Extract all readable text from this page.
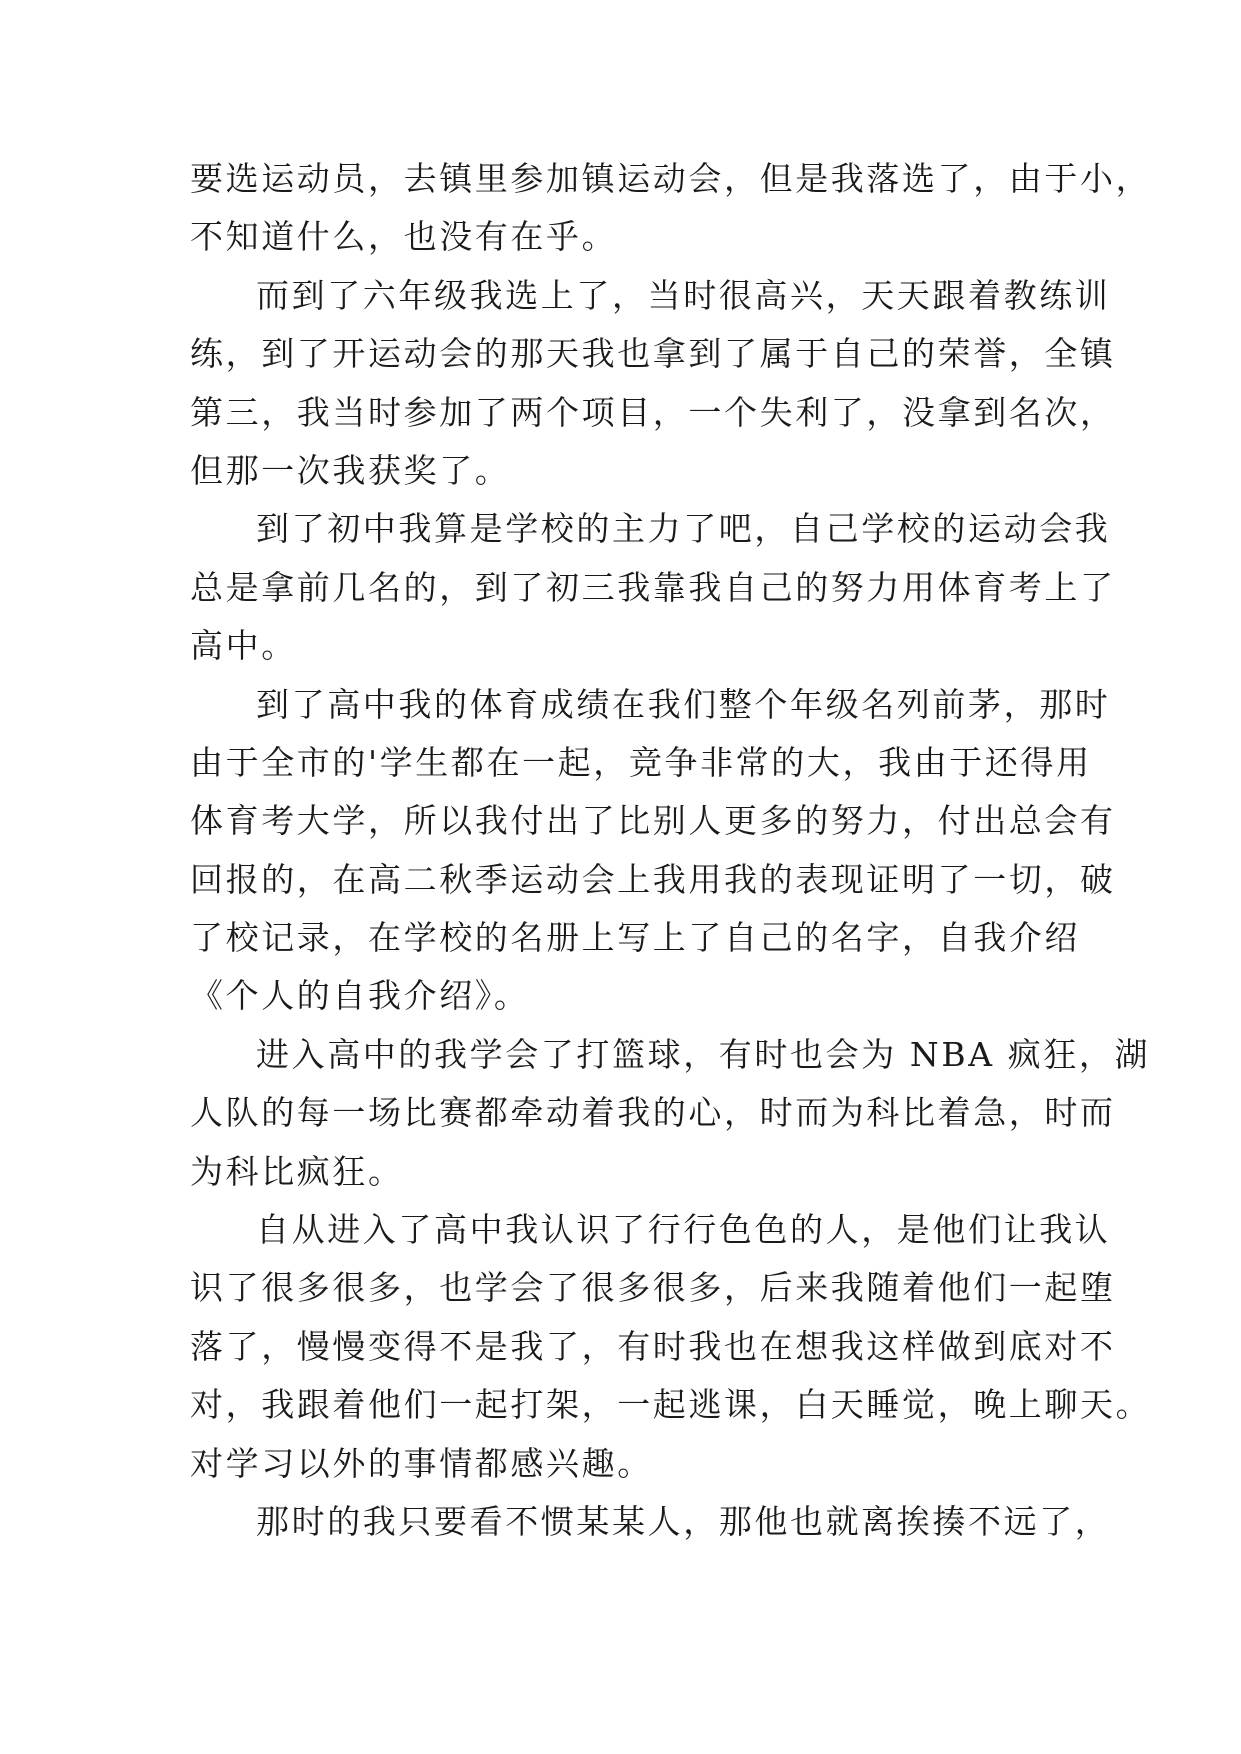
要选运动员，去镇里参加镇运动会，但是我落选了，由于小，
不知道什么，也没有在乎。
而到了六年级我选上了，当时很高兴，天天跟着教练训
练，到了开运动会的那天我也拿到了属于自己的荣誉，全镇
第三，我当时参加了两个项目，一个失利了，没拿到名次，
但那一次我获奖了。
到了初中我算是学校的主力了吧，自己学校的运动会我
总是拿前几名的，到了初三我靠我自己的努力用体育考上了
高中。
到了高中我的体育成绩在我们整个年级名列前茅，那时
由于全市的'学生都在一起，竞争非常的大，我由于还得用
体育考大学，所以我付出了比别人更多的努力，付出总会有
回报的，在高二秋季运动会上我用我的表现证明了一切，破
了校记录，在学校的名册上写上了自己的名字，自我介绍
《个人的自我介绍》。
进入高中的我学会了打篮球，有时也会为 NBA 疯狂，湖
人队的每一场比赛都牵动着我的心，时而为科比着急，时而
为科比疯狂。
自从进入了高中我认识了行行色色的人，是他们让我认
识了很多很多，也学会了很多很多，后来我随着他们一起堕
落了，慢慢变得不是我了，有时我也在想我这样做到底对不
对，我跟着他们一起打架，一起逃课，白天睡觉，晚上聊天。
对学习以外的事情都感兴趣。
那时的我只要看不惯某某人，那他也就离挨揍不远了，
